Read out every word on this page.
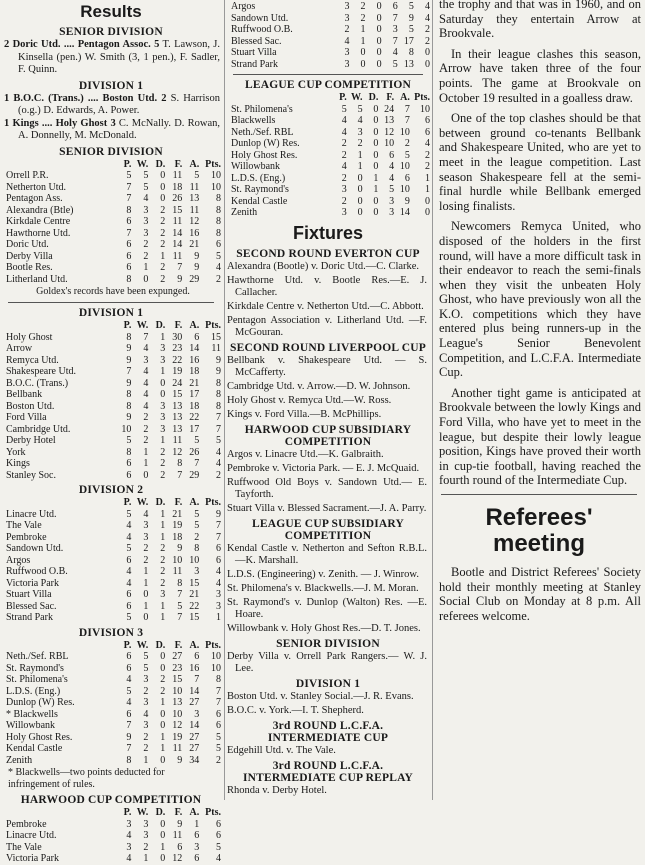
Results
SENIOR DIVISION
2 Doric Utd. .... Pentagon Assoc. 5 T. Lawson, J. Kinsella (pen.) W. Smith (3, 1 pen.), F. Sadler, F. Quinn.
DIVISION 1
1 B.O.C. (Trans.) .... Boston Utd. 2 S. Harrison (o.g.) D. Edwards, A. Power.
1 Kings .... Holy Ghost 3 C. McNally. D. Rowan, A. Donnelly, M. McDonald.
SENIOR DIVISION
	P.	W.	D.	F.	A.	Pts.
Orrell P.R.	5	5	0	11	5	10
Netherton Utd.	7	5	0	18	11	10
Pentagon Ass.	7	4	0	26	13	8
Alexandra (Btle)	8	3	2	15	11	8
Kirkdale Centre	6	3	2	11	12	8
Hawthorne Utd.	7	3	2	14	16	8
Doric Utd.	6	2	2	14	21	6
Derby Villa	6	2	1	11	9	5
Bootle Res.	6	1	2	7	9	4
Litherland Utd.	8	0	2	9	29	2
Goldex's records have been expunged.
DIVISION 1
	P.	W.	D.	F.	A.	Pts.
Holy Ghost	8	7	1	30	6	15
Arrow	9	4	3	23	14	11
Remyca Utd.	9	3	3	22	16	9
Shakespeare Utd.	7	4	1	19	18	9
B.O.C. (Trans.)	9	4	0	24	21	8
Bellbank	8	4	0	15	17	8
Boston Utd.	8	4	3	13	18	8
Ford Villa	9	2	3	13	22	7
Cambridge Utd.	10	2	3	13	17	7
Derby Hotel	5	2	1	11	5	5
York	8	1	2	12	26	4
Kings	6	1	2	8	7	4
Stanley Soc.	6	0	2	7	29	2
DIVISION 2
	P.	W.	D.	F.	A.	Pts.
Linacre Utd.	5	4	1	21	5	9
The Vale	4	3	1	19	5	7
Pembroke	4	3	1	18	2	7
Sandown Utd.	5	2	2	9	8	6
Argos	6	2	2	10	10	6
Ruffwood O.B.	4	1	2	11	3	4
Victoria Park	4	1	2	8	15	4
Stuart Villa	6	0	3	7	21	3
Blessed Sac.	6	1	1	5	22	3
Strand Park	5	0	1	7	15	1
DIVISION 3
	P.	W.	D.	F.	A.	Pts.
Neth./Sef. RBL	6	5	0	27	6	10
St. Raymond's	6	5	0	23	16	10
St. Philomena's	4	3	2	15	7	8
L.D.S. (Eng.)	5	2	2	10	14	7
Dunlop (W) Res.	4	3	1	13	27	7
* Blackwells	6	4	0	10	3	6
Willowbank	7	3	0	12	14	6
Holy Ghost Res.	9	2	1	19	27	5
Kendal Castle	7	2	1	11	27	5
Zenith	8	1	0	9	34	2
* Blackwells—two points deducted for infringement of rules.
HARWOOD CUP COMPETITION
	P.	W.	D.	F.	A.	Pts.
Pembroke	3	3	0	9	1	6
Linacre Utd.	4	3	0	11	6	6
The Vale	3	2	1	6	3	5
Victoria Park	4	1	0	12	6	4
Argos	3	2	0	6	5	4
Sandown Utd.	3	2	0	7	9	4
Ruffwood O.B.	2	1	0	3	5	2
Blessed Sac.	4	1	0	7	17	2
Stuart Villa	3	0	0	4	8	0
Strand Park	3	0	0	5	13	0
LEAGUE CUP COMPETITION
	P.	W.	D.	F.	A.	Pts.
St. Philomena's	5	5	0	24	7	10
Blackwells	4	4	0	13	7	6
Neth./Sef. RBL	4	3	0	12	10	6
Dunlop (W) Res.	2	2	0	10	2	4
Holy Ghost Res.	2	1	0	6	5	2
Willowbank	4	1	0	4	10	2
L.D.S. (Eng.)	2	0	1	4	6	1
St. Raymond's	3	0	1	5	10	1
Kendal Castle	2	0	0	3	9	0
Zenith	3	0	0	3	14	0
Fixtures
SECOND ROUND EVERTON CUP
Alexandra (Bootle) v. Doric Utd.—C. Clarke.
Hawthorne Utd. v. Bootle Res.—E. J. Callacher.
Kirkdale Centre v. Netherton Utd.—C. Abbott.
Pentagon Association v. Litherland Utd. —F. McGouran.
SECOND ROUND LIVERPOOL CUP
Bellbank v. Shakespeare Utd. — S. McCafferty.
Cambridge Utd. v. Arrow.—D. W. Johnson.
Holy Ghost v. Remyca Utd.—W. Ross.
Kings v. Ford Villa.—B. McPhillips.
HARWOOD CUP SUBSIDIARY COMPETITION
Argos v. Linacre Utd.—K. Galbraith.
Pembroke v. Victoria Park. — E. J. McQuaid.
Ruffwood Old Boys v. Sandown Utd.— E. Tayforth.
Stuart Villa v. Blessed Sacrament.—J. A. Parry.
LEAGUE CUP SUBSIDIARY COMPETITION
Kendal Castle v. Netherton and Sefton R.B.L.—K. Marshall.
L.D.S. (Engineering) v. Zenith. — J. Winrow.
St. Philomena's v. Blackwells.—J. M. Moran.
St. Raymond's v. Dunlop (Walton) Res. —E. Hoare.
Willowbank v. Holy Ghost Res.—D. T. Jones.
SENIOR DIVISION
Derby Villa v. Orrell Park Rangers.— W. J. Lee.
DIVISION 1
Boston Utd. v. Stanley Social.—J. R. Evans.
B.O.C. v. York.—I. T. Shepherd.
3rd ROUND L.C.F.A. INTERMEDIATE CUP
Edgehill Utd. v. The Vale.
3rd ROUND L.C.F.A. INTERMEDIATE CUP REPLAY
Rhonda v. Derby Hotel.

the trophy and that was in 1960, and on Saturday they entertain Arrow at Brookvale.

In their league clashes this season, Arrow have taken three of the four points. The game at Brookvale on October 19 resulted in a goalless draw.

One of the top clashes should be that between ground co-tenants Bellbank and Shakespeare United, who are yet to meet in the league competition. Last season Shakespeare fell at the semi-final hurdle while Bellbank emerged losing finalists.

Newcomers Remyca United, who disposed of the holders in the first round, will have a more difficult task in their endeavor to reach the semi-finals when they visit the unbeaten Holy Ghost, who have previously won all the K.O. competitions which they have entered plus being runners-up in the League's Senior Benevolent Competition, and L.C.F.A. Intermediate Cup.

Another tight game is anticipated at Brookvale between the lowly Kings and Ford Villa, who have yet to meet in the league, but despite their lowly league position, Kings have proved their worth in cup-tie football, having reached the fourth round of the Intermediate Cup.

Referees'
meeting

Bootle and District Referees' Society hold their monthly meeting at Stanley Social Club on Monday at 8 p.m. All referees welcome.
